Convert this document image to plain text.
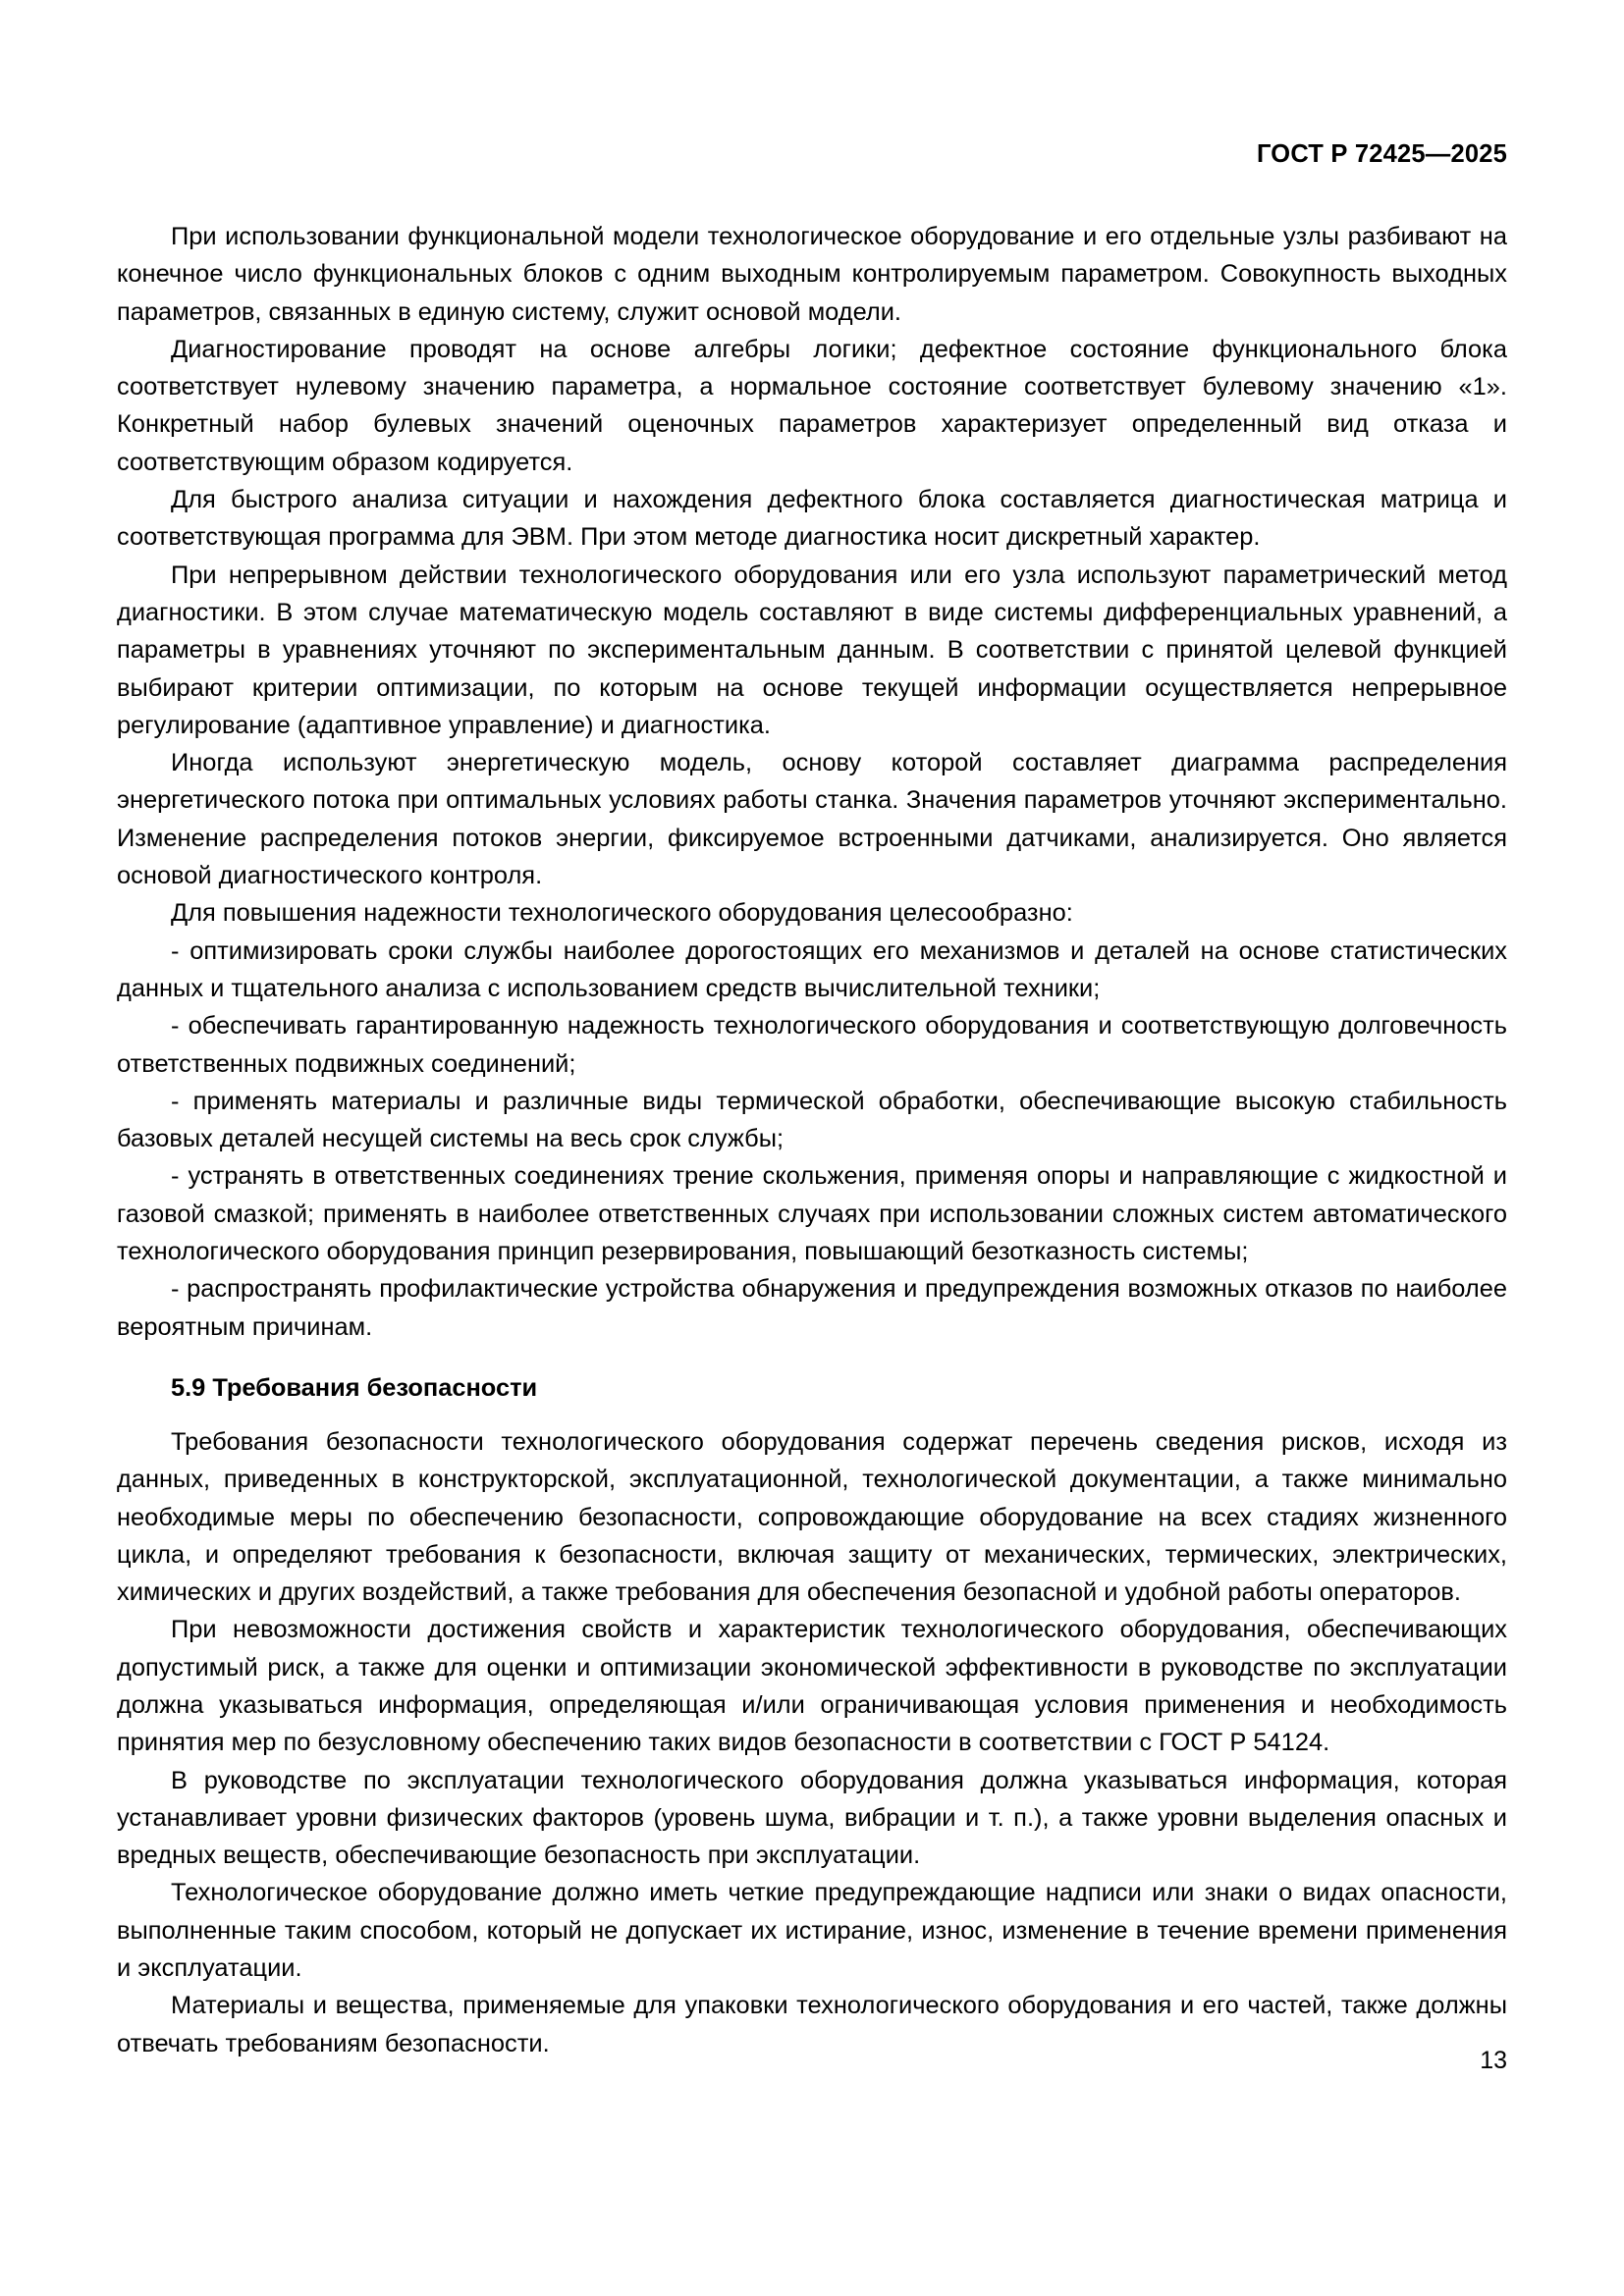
ГОСТ Р 72425—2025

При использовании функциональной модели технологическое оборудование и его отдельные узлы разбивают на конечное число функциональных блоков с одним выходным контролируемым параметром. Совокупность выходных параметров, связанных в единую систему, служит основой модели.

Диагностирование проводят на основе алгебры логики; дефектное состояние функционального блока соответствует нулевому значению параметра, а нормальное состояние соответствует булевому значению «1». Конкретный набор булевых значений оценочных параметров характеризует определенный вид отказа и соответствующим образом кодируется.

Для быстрого анализа ситуации и нахождения дефектного блока составляется диагностическая матрица и соответствующая программа для ЭВМ. При этом методе диагностика носит дискретный характер.

При непрерывном действии технологического оборудования или его узла используют параметрический метод диагностики. В этом случае математическую модель составляют в виде системы дифференциальных уравнений, а параметры в уравнениях уточняют по экспериментальным данным. В соответствии с принятой целевой функцией выбирают критерии оптимизации, по которым на основе текущей информации осуществляется непрерывное регулирование (адаптивное управление) и диагностика.

Иногда используют энергетическую модель, основу которой составляет диаграмма распределения энергетического потока при оптимальных условиях работы станка. Значения параметров уточняют экспериментально. Изменение распределения потоков энергии, фиксируемое встроенными датчиками, анализируется. Оно является основой диагностического контроля.

Для повышения надежности технологического оборудования целесообразно:

- оптимизировать сроки службы наиболее дорогостоящих его механизмов и деталей на основе статистических данных и тщательного анализа с использованием средств вычислительной техники;

- обеспечивать гарантированную надежность технологического оборудования и соответствующую долговечность ответственных подвижных соединений;

- применять материалы и различные виды термической обработки, обеспечивающие высокую стабильность базовых деталей несущей системы на весь срок службы;

- устранять в ответственных соединениях трение скольжения, применяя опоры и направляющие с жидкостной и газовой смазкой; применять в наиболее ответственных случаях при использовании сложных систем автоматического технологического оборудования принцип резервирования, повышающий безотказность системы;

- распространять профилактические устройства обнаружения и предупреждения возможных отказов по наиболее вероятным причинам.

5.9 Требования безопасности

Требования безопасности технологического оборудования содержат перечень сведения рисков, исходя из данных, приведенных в конструкторской, эксплуатационной, технологической документации, а также минимально необходимые меры по обеспечению безопасности, сопровождающие оборудование на всех стадиях жизненного цикла, и определяют требования к безопасности, включая защиту от механических, термических, электрических, химических и других воздействий, а также требования для обеспечения безопасной и удобной работы операторов.

При невозможности достижения свойств и характеристик технологического оборудования, обеспечивающих допустимый риск, а также для оценки и оптимизации экономической эффективности в руководстве по эксплуатации должна указываться информация, определяющая и/или ограничивающая условия применения и необходимость принятия мер по безусловному обеспечению таких видов безопасности в соответствии с ГОСТ Р 54124.

В руководстве по эксплуатации технологического оборудования должна указываться информация, которая устанавливает уровни физических факторов (уровень шума, вибрации и т. п.), а также уровни выделения опасных и вредных веществ, обеспечивающие безопасность при эксплуатации.

Технологическое оборудование должно иметь четкие предупреждающие надписи или знаки о видах опасности, выполненные таким способом, который не допускает их истирание, износ, изменение в течение времени применения и эксплуатации.

Материалы и вещества, применяемые для упаковки технологического оборудования и его частей, также должны отвечать требованиям безопасности.

13
